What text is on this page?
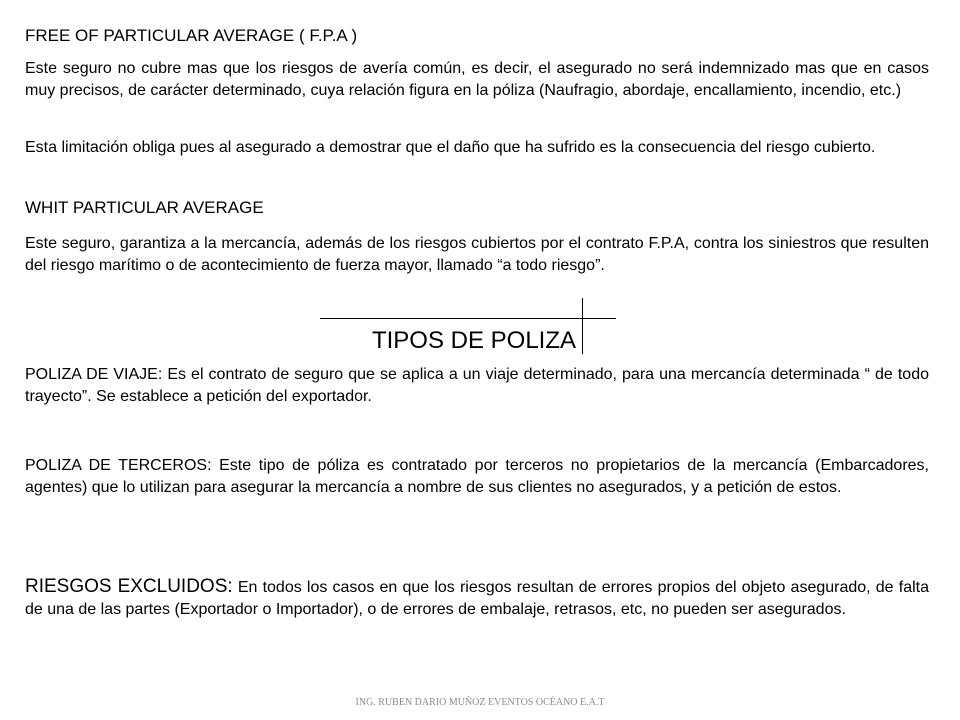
FREE OF PARTICULAR AVERAGE ( F.P.A )

Este seguro no cubre mas que los riesgos de avería común, es decir, el asegurado no será indemnizado mas que en casos muy precisos, de carácter determinado, cuya relación figura en la póliza (Naufragio, abordaje, encallamiento, incendio, etc.)

Esta limitación obliga pues al asegurado a demostrar que el daño que ha sufrido es la consecuencia del riesgo cubierto.

WHIT PARTICULAR AVERAGE

Este seguro, garantiza a la mercancía, además de los riesgos cubiertos por el contrato F.P.A, contra los siniestros que resulten del riesgo marítimo o de acontecimiento de fuerza mayor, llamado “a todo riesgo”.

TIPOS DE POLIZA

POLIZA DE VIAJE: Es el contrato de seguro que se aplica a un viaje determinado, para una mercancía determinada “ de todo trayecto”. Se establece a petición del exportador.

POLIZA DE TERCEROS: Este tipo de póliza es contratado por terceros no propietarios de la mercancía (Embarcadores, agentes) que lo utilizan para asegurar la mercancía a nombre de sus clientes no asegurados, y a petición de estos.

RIESGOS EXCLUIDOS: En todos los casos en que los riesgos resultan de errores propios del objeto asegurado, de falta de una de las partes (Exportador o Importador), o de errores de embalaje, retrasos, etc, no pueden ser asegurados.

ING. RUBEN DARIO MUÑOZ EVENTOS OCÉANO E.A.T
